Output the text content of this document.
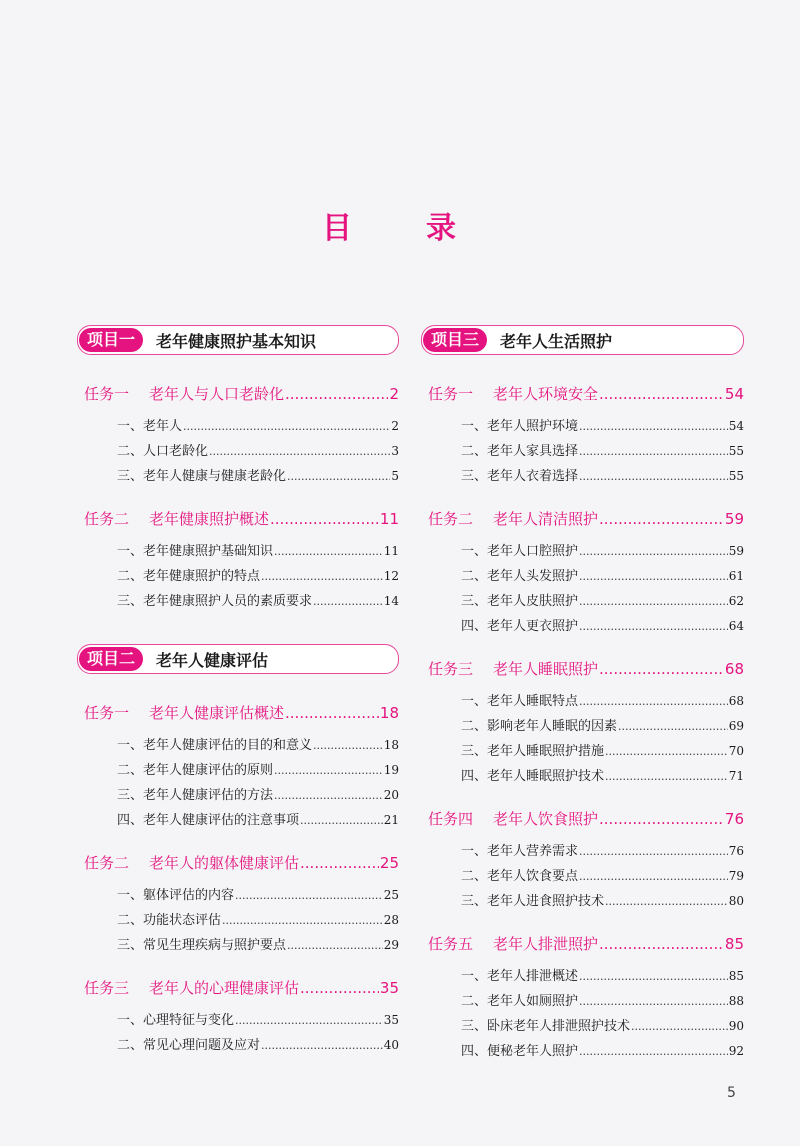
目　录
项目一	老年健康照护基本知识
任务一	老年人与人口老龄化 .....	2
一、老年人 .....	2
二、人口老龄化 .....	3
三、老年人健康与健康老龄化 .....	5
任务二	老年健康照护概述 .....	11
一、老年健康照护基础知识 .....	11
二、老年健康照护的特点 .....	12
三、老年健康照护人员的素质要求 .....	14
项目二	老年人健康评估
任务一	老年人健康评估概述 .....	18
一、老年人健康评估的目的和意义 .....	18
二、老年人健康评估的原则 .....	19
三、老年人健康评估的方法 .....	20
四、老年人健康评估的注意事项 .....	21
任务二	老年人的躯体健康评估 .....	25
一、躯体评估的内容 .....	25
二、功能状态评估 .....	28
三、常见生理疾病与照护要点 .....	29
任务三	老年人的心理健康评估 .....	35
一、心理特征与变化 .....	35
二、常见心理问题及应对 .....	40
项目三	老年人生活照护
任务一	老年人环境安全 .....	54
一、老年人照护环境 .....	54
二、老年人家具选择 .....	55
三、老年人衣着选择 .....	55
任务二	老年人清洁照护 .....	59
一、老年人口腔照护 .....	59
二、老年人头发照护 .....	61
三、老年人皮肤照护 .....	62
四、老年人更衣照护 .....	64
任务三	老年人睡眠照护 .....	68
一、老年人睡眠特点 .....	68
二、影响老年人睡眠的因素 .....	69
三、老年人睡眠照护措施 .....	70
四、老年人睡眠照护技术 .....	71
任务四	老年人饮食照护 .....	76
一、老年人营养需求 .....	76
二、老年人饮食要点 .....	79
三、老年人进食照护技术 .....	80
任务五	老年人排泄照护 .....	85
一、老年人排泄概述 .....	85
二、老年人如厕照护 .....	88
三、卧床老年人排泄照护技术 .....	90
四、便秘老年人照护 .....	92
5
